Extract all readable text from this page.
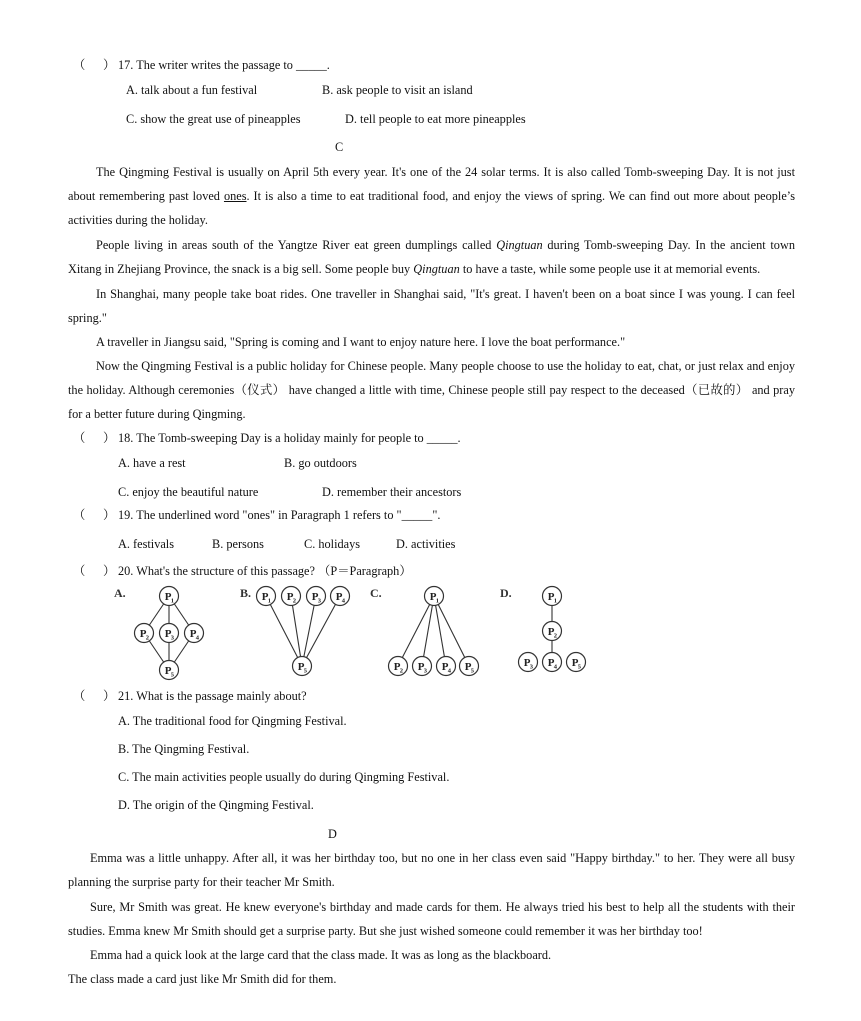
（ ） 17. The writer writes the passage to _____.
A. talk about a fun festival	B. ask people to visit an island
C. show the great use of pineapples	D. tell people to eat more pineapples
C

The Qingming Festival is usually on April 5th every year. It's one of the 24 solar terms. It is also called Tomb-sweeping Day. It is not just about remembering past loved ones. It is also a time to eat traditional food, and enjoy the views of spring. We can find out more about people’s activities during the holiday.

People living in areas south of the Yangtze River eat green dumplings called Qingtuan during Tomb-sweeping Day. In the ancient town Xitang in Zhejiang Province, the snack is a big sell. Some people buy Qingtuan to have a taste, while some people use it at memorial events.

In Shanghai, many people take boat rides. One traveller in Shanghai said, "It's great. I haven't been on a boat since I was young. I can feel spring."

A traveller in Jiangsu said, "Spring is coming and I want to enjoy nature here. I love the boat performance."

Now the Qingming Festival is a public holiday for Chinese people. Many people choose to use the holiday to eat, chat, or just relax and enjoy the holiday. Although ceremonies（仪式） have changed a little with time, Chinese people still pay respect to the deceased（已故的） and pray for a better future during Qingming.

（ ） 18. The Tomb-sweeping Day is a holiday mainly for people to _____.
A. have a rest	B. go outdoors
C. enjoy the beautiful nature	D. remember their ancestors
（ ） 19. The underlined word "ones" in Paragraph 1 refers to "_____".
A. festivals	B. persons	C. holidays	D. activities
（ ） 20. What's the structure of this passage? （P＝Paragraph）
P 1
P 2 P 3 P 4
P 5
P 1 P 2 P 3 P 4
P 5
P 1
P 2 P 3 P 4 P 5
P 1
P 2
P 3 P 4 P 5
A.	B.	C.	D.
（ ） 21. What is the passage mainly about?
A. The traditional food for Qingming Festival.
B. The Qingming Festival.
C. The main activities people usually do during Qingming Festival.
D. The origin of the Qingming Festival.
D

Emma was a little unhappy. After all, it was her birthday too, but no one in her class even said "Happy birthday." to her. They were all busy planning the surprise party for their teacher Mr Smith.

Sure, Mr Smith was great. He knew everyone's birthday and made cards for them. He always tried his best to help all the students with their studies. Emma knew Mr Smith should get a surprise party. But she just wished someone could remember it was her birthday too!

Emma had a quick look at the large card that the class made. It was as long as the blackboard.

The class made a card just like Mr Smith did for them.
